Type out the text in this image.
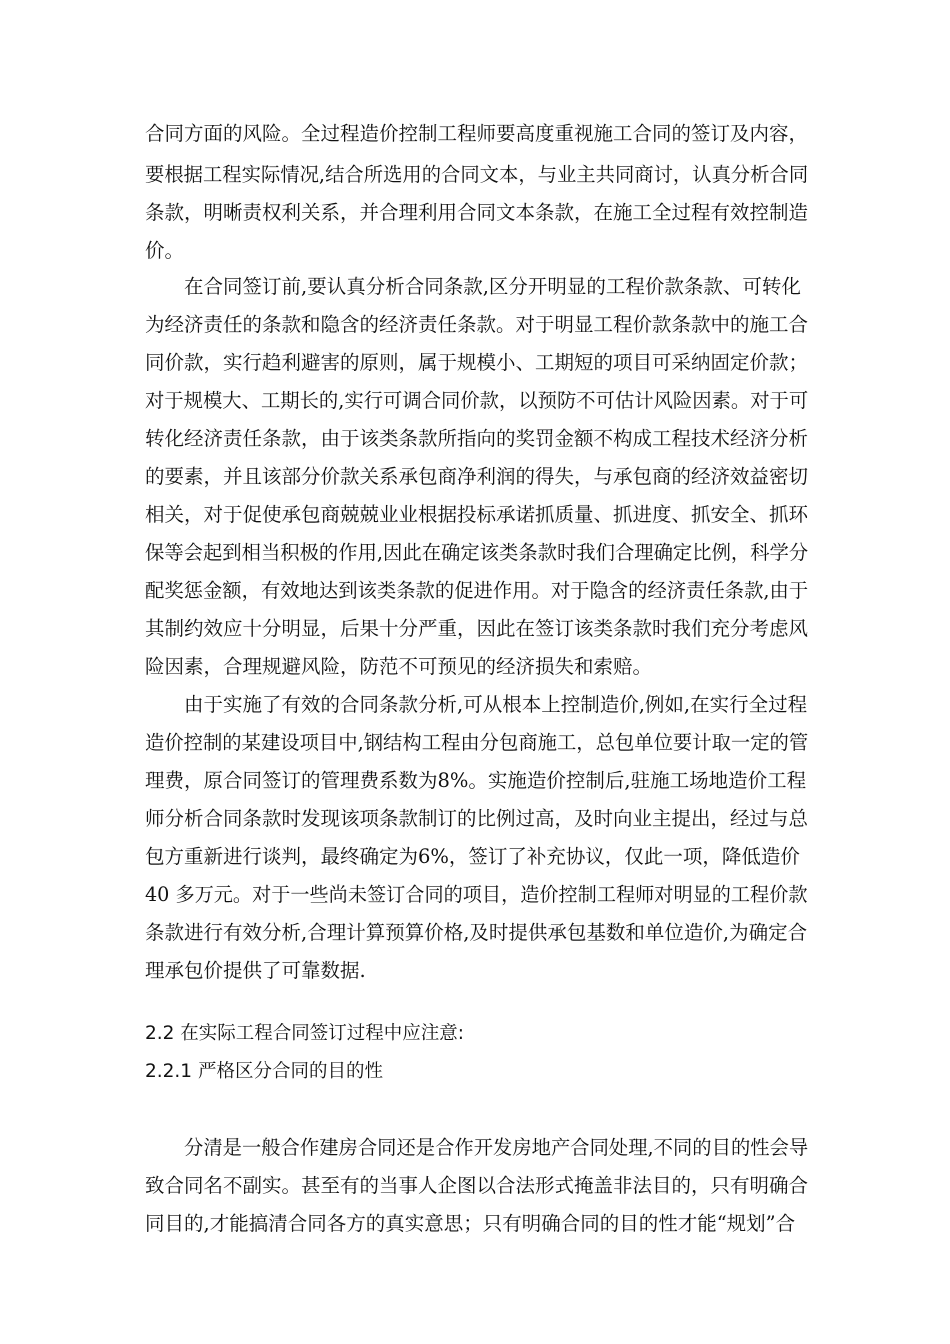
合同方面的风险。全过程造价控制工程师要高度重视施工合同的签订及内容，
要根据工程实际情况,结合所选用的合同文本，与业主共同商讨，认真分析合同
条款，明晰责权利关系，并合理利用合同文本条款，在施工全过程有效控制造
价。
在合同签订前,要认真分析合同条款,区分开明显的工程价款条款、可转化
为经济责任的条款和隐含的经济责任条款。对于明显工程价款条款中的施工合
同价款，实行趋利避害的原则，属于规模小、工期短的项目可采纳固定价款；
对于规模大、工期长的,实行可调合同价款，以预防不可估计风险因素。对于可
转化经济责任条款，由于该类条款所指向的奖罚金额不构成工程技术经济分析
的要素，并且该部分价款关系承包商净利润的得失，与承包商的经济效益密切
相关，对于促使承包商兢兢业业根据投标承诺抓质量、抓进度、抓安全、抓环
保等会起到相当积极的作用,因此在确定该类条款时我们合理确定比例，科学分
配奖惩金额，有效地达到该类条款的促进作用。对于隐含的经济责任条款,由于
其制约效应十分明显，后果十分严重，因此在签订该类条款时我们充分考虑风
险因素，合理规避风险，防范不可预见的经济损失和索赔。
由于实施了有效的合同条款分析,可从根本上控制造价,例如,在实行全过程
造价控制的某建设项目中,钢结构工程由分包商施工，总包单位要计取一定的管
理费，原合同签订的管理费系数为8%。实施造价控制后,驻施工场地造价工程
师分析合同条款时发现该项条款制订的比例过高，及时向业主提出，经过与总
包方重新进行谈判，最终确定为6%，签订了补充协议，仅此一项，降低造价
40 多万元。对于一些尚未签订合同的项目，造价控制工程师对明显的工程价款
条款进行有效分析,合理计算预算价格,及时提供承包基数和单位造价,为确定合
理承包价提供了可靠数据.
2.2 在实际工程合同签订过程中应注意:
2.2.1 严格区分合同的目的性
分清是一般合作建房合同还是合作开发房地产合同处理,不同的目的性会导
致合同名不副实。甚至有的当事人企图以合法形式掩盖非法目的，只有明确合
同目的,才能搞清合同各方的真实意思；只有明确合同的目的性才能“规划”合
